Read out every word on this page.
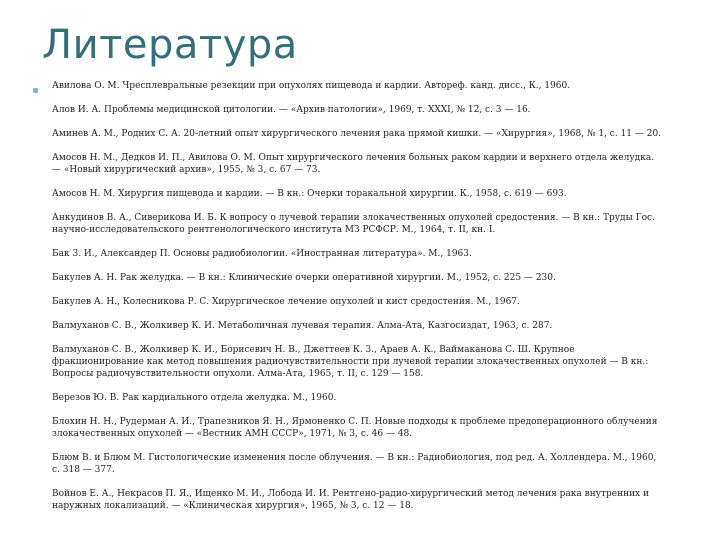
Литература
Авилова О. М. Чресплевральные резекции при опухолях пищевода и кардии. Автореф. канд. дисс., К., 1960.
Алов И. А. Проблемы медицинской цитологии. — «Архив патологии», 1969, т. XXXI, № 12, с. 3 — 16.
Аминев А. М., Родних С. А. 20-летний опыт хирургического лечения рака прямой кишки. — «Хирургия», 1968, № 1, с. 11 — 20.
Амосов Н. М., Дедков И. П., Авилова О. М. Опыт хирургического лечения больных раком кардии и верхнего отдела желудка. — «Новый хирургический архив», 1955, № 3, с. 67 — 73.
Амосов Н. М. Хирургия пищевода и кардии. — В кн.: Очерки торакальной хирургии. К., 1958, с. 619 — 693.
Анкудинов В. А., Сиверикова И. Б. К вопросу о лучевой терапии злокачественных опухолей средостения. — В кн.: Труды Гос. научно-исследовательского рентгенологического института МЗ РСФСР. М., 1964, т. II, кн. I.
Бак 3. И., Александер П. Основы радиобиологии. «Иностранная литература». М., 1963.
Бакулев А. Н. Рак желудка. — В кн.: Клинические очерки оперативной хирургии. М., 1952, с. 225 — 230.
Бакулев А. Н., Колесникова Р. С. Хирургическое лечение опухолей и кист средостения. М., 1967.
Валмуханов С. В., Жолкивер К. И. Метаболичная лучевая терапия. Алма-Ата, Казгосиздат, 1963, с. 287.
Валмуханов С. В., Жолкивер К. И., Борисевич Н. В., Джеттеев К. 3., Араев А. К., Ваймаканова С. Ш. Крупное фракционирование как метод повышения радиочувствительности при лучевой терапии злокачественных опухолей — В кн.: Вопросы радиочувствительности опухоли. Алма-Ата, 1965, т. II, с. 129 — 158.
Верезов Ю. В. Рак кардиального отдела желудка. М., 1960.
Блохин Н. Н., Рудерман А. И., Трапезников Я. Н., Ярмоненко С. П. Новые подходы к проблеме предоперационного облучения злокачественных опухолей — «Вестник АМН СССР», 1971, № 3, с. 46 — 48.
Блюм В. и Блюм М. Гистологические изменения после облучения. — В кн.: Радиобиология, под ред. А. Холлендера. М., 1960, с. 318 — 377.
Войнов Е. А., Некрасов П. Я., Ищенко М. И., Лобода И. И. Рентгено-радио-хирургический метод лечения рака внутренних и наружных локализаций. — «Клиническая хирургия», 1965, № 3, с. 12 — 18.
